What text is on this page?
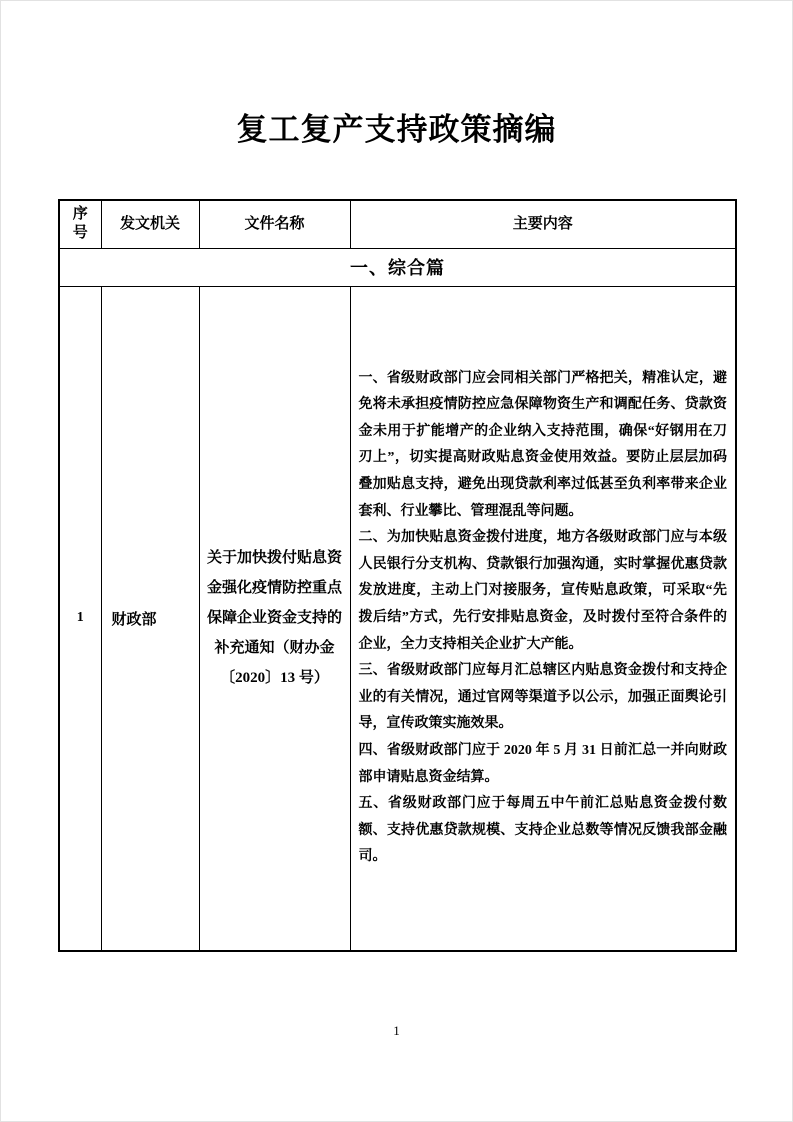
复工复产支持政策摘编
序号	发文机关	文件名称	主要内容
一、综合篇			
1	财政部	关于加快拨付贴息资金强化疫情防控重点保障企业资金支持的补充通知（财办金〔2020〕13 号）	一、省级财政部门应会同相关部门严格把关，精准认定，避免将未承担疫情防控应急保障物资生产和调配任务、贷款资金未用于扩能增产的企业纳入支持范围，确保“好钢用在刀刃上”，切实提高财政贴息资金使用效益。要防止层层加码叠加贴息支持，避免出现贷款利率过低甚至负利率带来企业套利、行业攀比、管理混乱等问题。
二、为加快贴息资金拨付进度，地方各级财政部门应与本级人民银行分支机构、贷款银行加强沟通，实时掌握优惠贷款发放进度，主动上门对接服务，宣传贴息政策，可采取“先拨后结”方式，先行安排贴息资金，及时拨付至符合条件的企业，全力支持相关企业扩大产能。
三、省级财政部门应每月汇总辖区内贴息资金拨付和支持企业的有关情况，通过官网等渠道予以公示，加强正面舆论引导，宣传政策实施效果。
四、省级财政部门应于 2020 年 5 月 31 日前汇总一并向财政部申请贴息资金结算。
五、省级财政部门应于每周五中午前汇总贴息资金拨付数额、支持优惠贷款规模、支持企业总数等情况反馈我部金融司。
1
